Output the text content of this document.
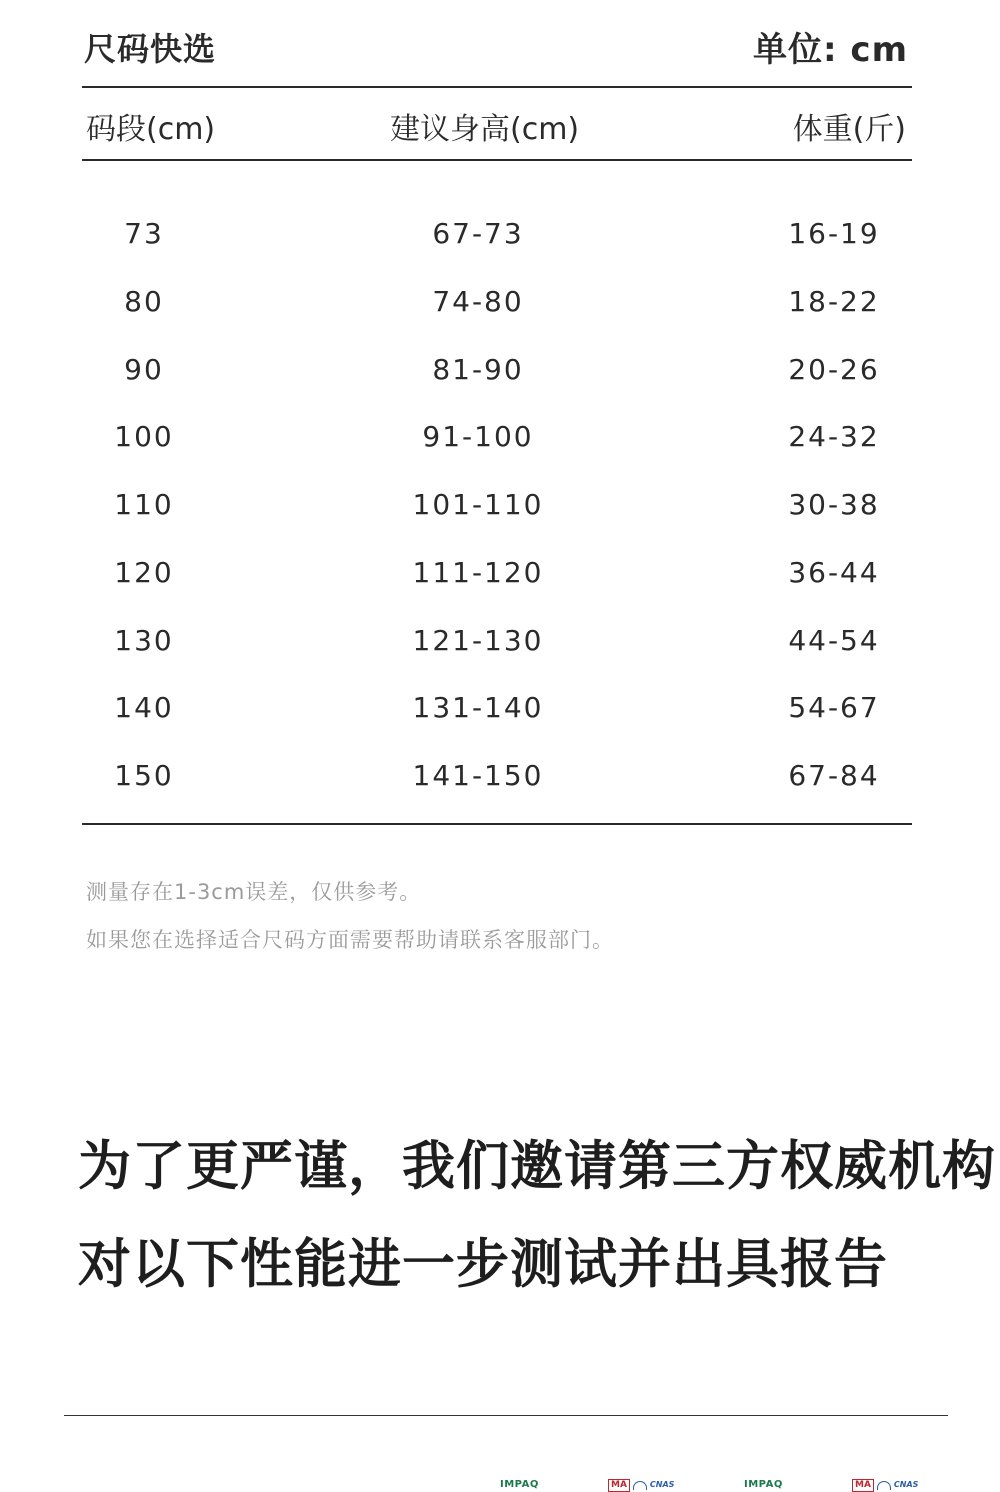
尺码快选	单位: cm
码段(cm)	建议身高(cm)	体重(斤)
73	67-73	16-19
80	74-80	18-22
90	81-90	20-26
100	91-100	24-32
110	101-110	30-38
120	111-120	36-44
130	121-130	44-54
140	131-140	54-67
150	141-150	67-84
测量存在1-3cm误差，仅供参考。
如果您在选择适合尺码方面需要帮助请联系客服部门。
为了更严谨，我们邀请第三方权威机构
对以下性能进一步测试并出具报告
IMPAQ	MA	CNAS	IMPAQ	MA	CNAS
